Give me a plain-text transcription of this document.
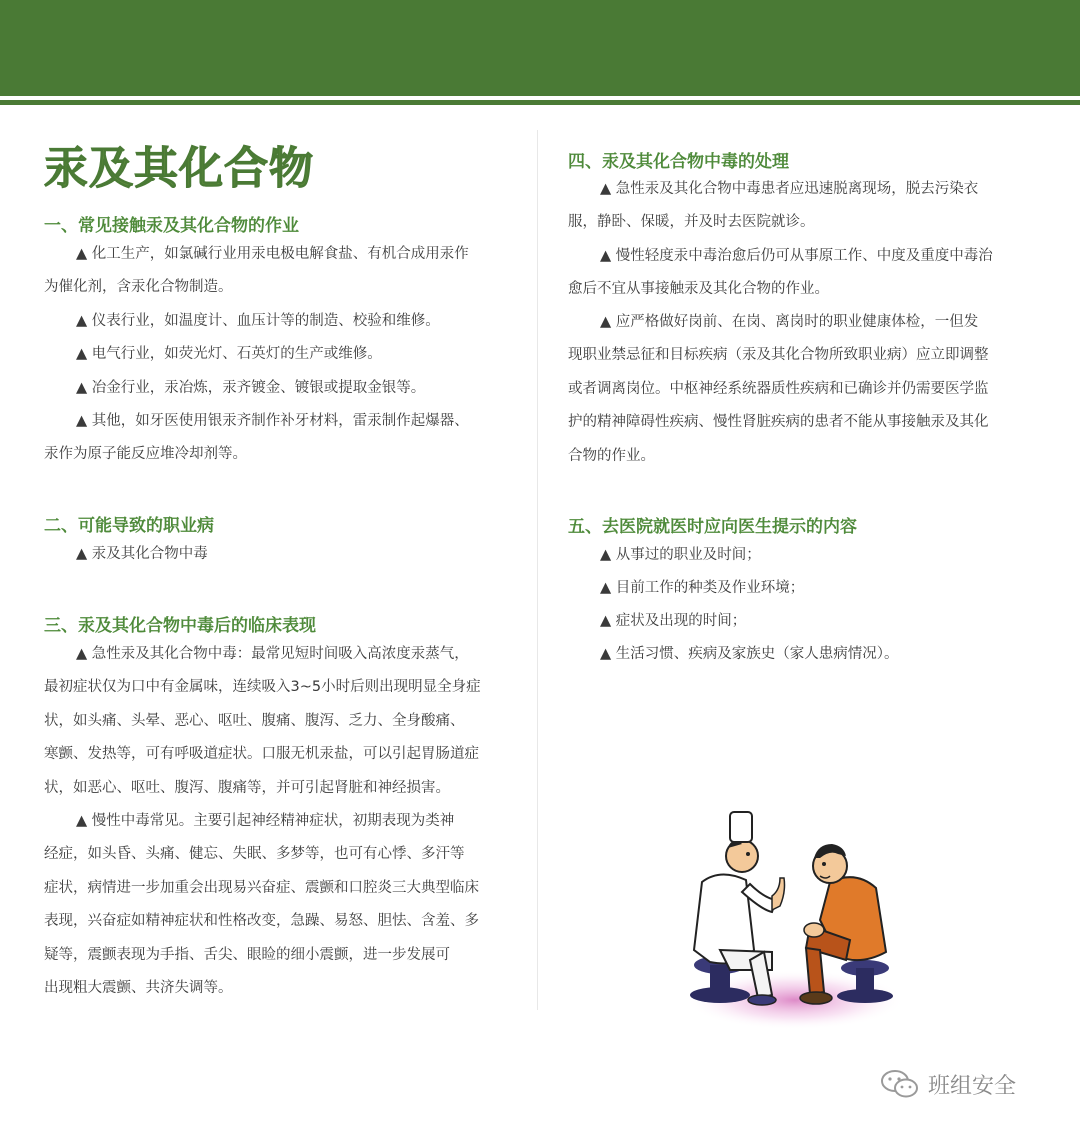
汞及其化合物
一、常见接触汞及其化合物的作业
▲ 化工生产，如氯碱行业用汞电极电解食盐、有机合成用汞作
为催化剂，含汞化合物制造。
▲ 仪表行业，如温度计、血压计等的制造、校验和维修。
▲ 电气行业，如荧光灯、石英灯的生产或维修。
▲ 冶金行业，汞冶炼，汞齐镀金、镀银或提取金银等。
▲ 其他，如牙医使用银汞齐制作补牙材料，雷汞制作起爆器、
汞作为原子能反应堆冷却剂等。
二、可能导致的职业病
▲ 汞及其化合物中毒
三、汞及其化合物中毒后的临床表现
▲ 急性汞及其化合物中毒：最常见短时间吸入高浓度汞蒸气，
最初症状仅为口中有金属味，连续吸入3~5小时后则出现明显全身症
状，如头痛、头晕、恶心、呕吐、腹痛、腹泻、乏力、全身酸痛、
寒颤、发热等，可有呼吸道症状。口服无机汞盐，可以引起胃肠道症
状，如恶心、呕吐、腹泻、腹痛等，并可引起肾脏和神经损害。
▲ 慢性中毒常见。主要引起神经精神症状，初期表现为类神
经症，如头昏、头痛、健忘、失眠、多梦等，也可有心悸、多汗等
症状，病情进一步加重会出现易兴奋症、震颤和口腔炎三大典型临床
表现，兴奋症如精神症状和性格改变，急躁、易怒、胆怯、含羞、多
疑等，震颤表现为手指、舌尖、眼睑的细小震颤，进一步发展可
出现粗大震颤、共济失调等。
四、汞及其化合物中毒的处理
▲ 急性汞及其化合物中毒患者应迅速脱离现场，脱去污染衣
服，静卧、保暖，并及时去医院就诊。
▲ 慢性轻度汞中毒治愈后仍可从事原工作、中度及重度中毒治
愈后不宜从事接触汞及其化合物的作业。
▲ 应严格做好岗前、在岗、离岗时的职业健康体检，一但发
现职业禁忌征和目标疾病（汞及其化合物所致职业病）应立即调整
或者调离岗位。中枢神经系统器质性疾病和已确诊并仍需要医学监
护的精神障碍性疾病、慢性肾脏疾病的患者不能从事接触汞及其化
合物的作业。
五、去医院就医时应向医生提示的内容
▲ 从事过的职业及时间；
▲ 目前工作的种类及作业环境；
▲ 症状及出现的时间；
▲ 生活习惯、疾病及家族史（家人患病情况）。
班组安全
